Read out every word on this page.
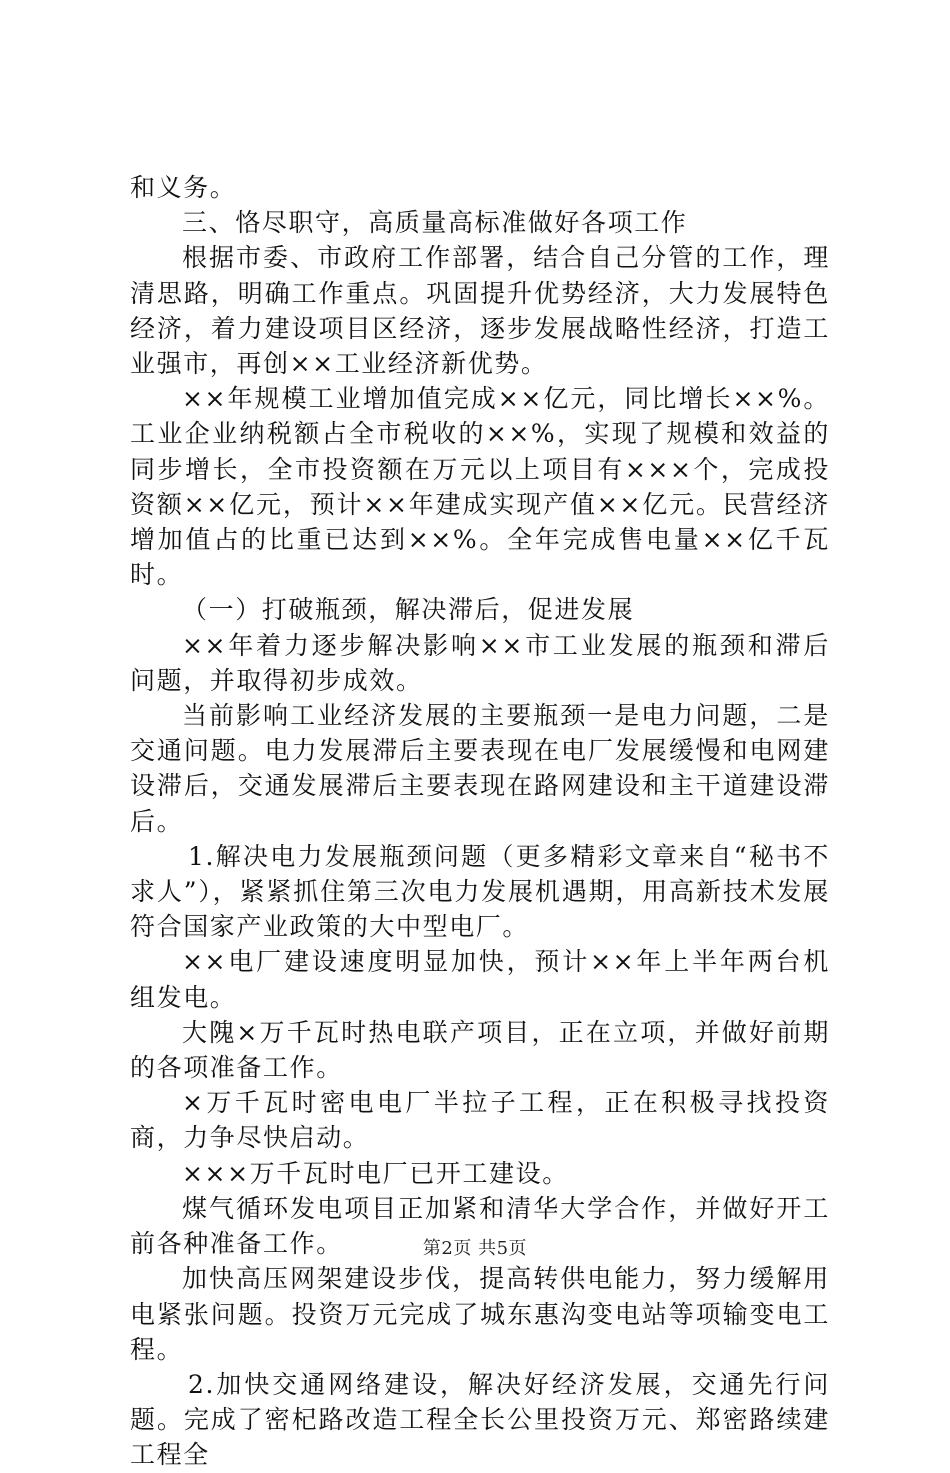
和义务。

三、恪尽职守，高质量高标准做好各项工作

根据市委、市政府工作部署，结合自己分管的工作，理清思路，明确工作重点。巩固提升优势经济，大力发展特色经济，着力建设项目区经济，逐步发展战略性经济，打造工业强市，再创××工业经济新优势。

××年规模工业增加值完成××亿元，同比增长××%。工业企业纳税额占全市税收的××%，实现了规模和效益的同步增长，全市投资额在万元以上项目有×××个，完成投资额××亿元，预计××年建成实现产值××亿元。民营经济增加值占的比重已达到××%。全年完成售电量××亿千瓦时。

（一）打破瓶颈，解决滞后，促进发展

××年着力逐步解决影响××市工业发展的瓶颈和滞后问题，并取得初步成效。

当前影响工业经济发展的主要瓶颈一是电力问题，二是交通问题。电力发展滞后主要表现在电厂发展缓慢和电网建设滞后，交通发展滞后主要表现在路网建设和主干道建设滞后。

1.解决电力发展瓶颈问题（更多精彩文章来自“秘书不求人”），紧紧抓住第三次电力发展机遇期，用高新技术发展符合国家产业政策的大中型电厂。

××电厂建设速度明显加快，预计××年上半年两台机组发电。

大隗×万千瓦时热电联产项目，正在立项，并做好前期的各项准备工作。

×万千瓦时密电电厂半拉子工程，正在积极寻找投资商，力争尽快启动。

×××万千瓦时电厂已开工建设。

煤气循环发电项目正加紧和清华大学合作，并做好开工前各种准备工作。

加快高压网架建设步伐，提高转供电能力，努力缓解用电紧张问题。投资万元完成了城东惠沟变电站等项输变电工程。

2.加快交通网络建设，解决好经济发展，交通先行问题。完成了密杞路改造工程全长公里投资万元、郑密路续建工程全

第2页 共5页
